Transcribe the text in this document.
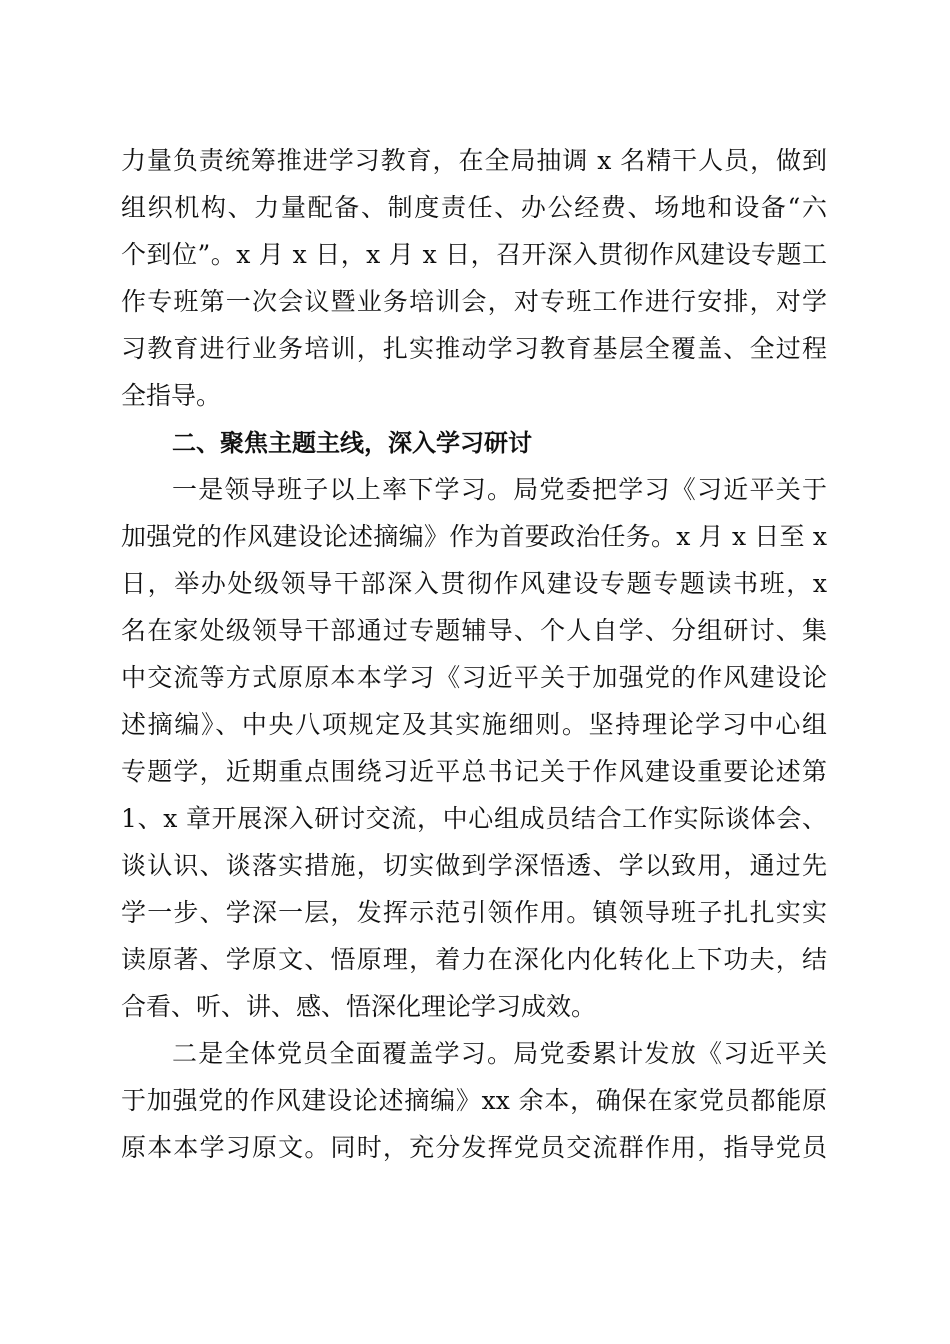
力量负责统筹推进学习教育，在全局抽调 x 名精干人员，做到
组织机构、力量配备、制度责任、办公经费、场地和设备“六
个到位”。x 月 x 日，x 月 x 日，召开深入贯彻作风建设专题工
作专班第一次会议暨业务培训会，对专班工作进行安排，对学
习教育进行业务培训，扎实推动学习教育基层全覆盖、全过程
全指导。
二、聚焦主题主线，深入学习研讨
一是领导班子以上率下学习。局党委把学习《习近平关于
加强党的作风建设论述摘编》作为首要政治任务。x 月 x 日至 x
日，举办处级领导干部深入贯彻作风建设专题专题读书班，x
名在家处级领导干部通过专题辅导、个人自学、分组研讨、集
中交流等方式原原本本学习《习近平关于加强党的作风建设论
述摘编》、中央八项规定及其实施细则。坚持理论学习中心组
专题学，近期重点围绕习近平总书记关于作风建设重要论述第
1、x 章开展深入研讨交流，中心组成员结合工作实际谈体会、
谈认识、谈落实措施，切实做到学深悟透、学以致用，通过先
学一步、学深一层，发挥示范引领作用。镇领导班子扎扎实实
读原著、学原文、悟原理，着力在深化内化转化上下功夫，结
合看、听、讲、感、悟深化理论学习成效。
二是全体党员全面覆盖学习。局党委累计发放《习近平关
于加强党的作风建设论述摘编》xx 余本，确保在家党员都能原
原本本学习原文。同时，充分发挥党员交流群作用，指导党员
